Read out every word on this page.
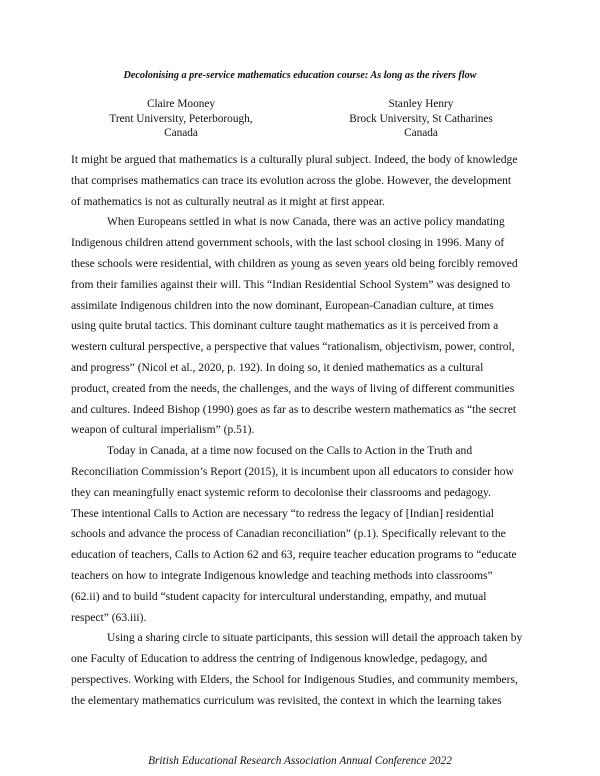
Decolonising a pre-service mathematics education course: As long as the rivers flow
Claire Mooney
Trent University, Peterborough,
Canada
Stanley Henry
Brock University, St Catharines
Canada
It might be argued that mathematics is a culturally plural subject. Indeed, the body of knowledge
that comprises mathematics can trace its evolution across the globe. However, the development
of mathematics is not as culturally neutral as it might at first appear.
When Europeans settled in what is now Canada, there was an active policy mandating
Indigenous children attend government schools, with the last school closing in 1996. Many of
these schools were residential, with children as young as seven years old being forcibly removed
from their families against their will. This “Indian Residential School System” was designed to
assimilate Indigenous children into the now dominant, European-Canadian culture, at times
using quite brutal tactics. This dominant culture taught mathematics as it is perceived from a
western cultural perspective, a perspective that values “rationalism, objectivism, power, control,
and progress” (Nicol et al., 2020, p. 192). In doing so, it denied mathematics as a cultural
product, created from the needs, the challenges, and the ways of living of different communities
and cultures. Indeed Bishop (1990) goes as far as to describe western mathematics as “the secret
weapon of cultural imperialism” (p.51).
Today in Canada, at a time now focused on the Calls to Action in the Truth and
Reconciliation Commission’s Report (2015), it is incumbent upon all educators to consider how
they can meaningfully enact systemic reform to decolonise their classrooms and pedagogy.
These intentional Calls to Action are necessary “to redress the legacy of [Indian] residential
schools and advance the process of Canadian reconciliation” (p.1). Specifically relevant to the
education of teachers, Calls to Action 62 and 63, require teacher education programs to “educate
teachers on how to integrate Indigenous knowledge and teaching methods into classrooms”
(62.ii) and to build “student capacity for intercultural understanding, empathy, and mutual
respect” (63.iii).
Using a sharing circle to situate participants, this session will detail the approach taken by
one Faculty of Education to address the centring of Indigenous knowledge, pedagogy, and
perspectives. Working with Elders, the School for Indigenous Studies, and community members,
the elementary mathematics curriculum was revisited, the context in which the learning takes
British Educational Research Association Annual Conference 2022
